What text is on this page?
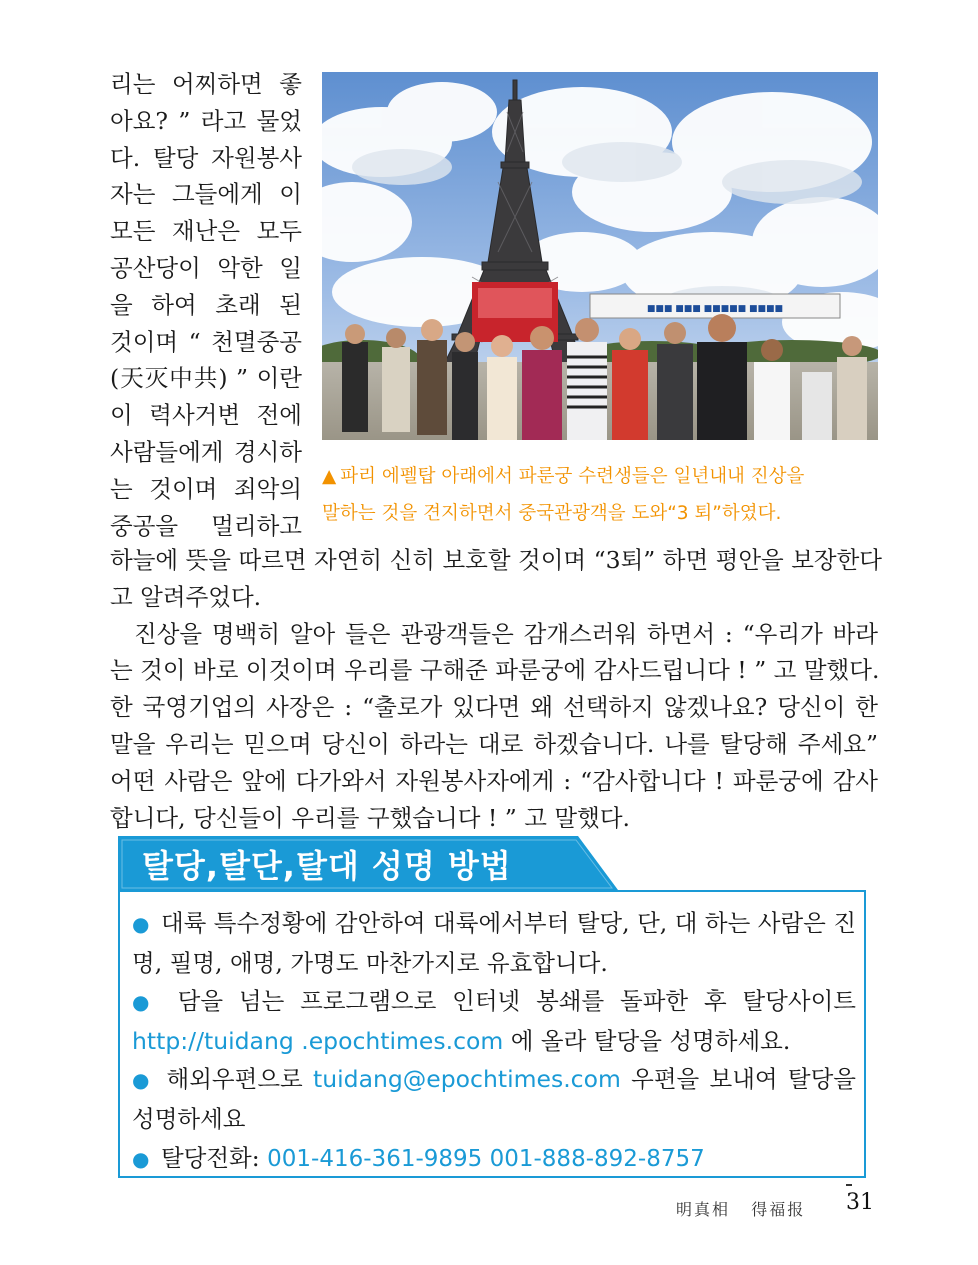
리는 어찌하면 좋
아요? ” 라고 물었
다. 탈당 자원봉사
자는 그들에게 이
모든 재난은 모두
공산당이 악한 일
을 하여 초래 된
것이며 “ 천멸중공
(天灭中共) ” 이란
이 력사거변 전에
사람들에게 경시하
는 것이며 죄악의
중공을 멀리하고
■■■ ■■■ ■■■■■ ■■■■
▲ 파리 에펠탑 아래에서 파룬궁 수련생들은 일년내내 진상을
말하는 것을 견지하면서 중국관광객을 도와“3 퇴”하였다.
하늘에 뜻을 따르면 자연히 신히 보호할 것이며 “3퇴” 하면 평안을 보장한다
고 알려주었다.
진상을 명백히 알아 들은 관광객들은 감개스러워 하면서 : “우리가 바라
는 것이 바로 이것이며 우리를 구해준 파룬궁에 감사드립니다 ! ” 고 말했다.
한 국영기업의 사장은 : “출로가 있다면 왜 선택하지 않겠나요? 당신이 한
말을 우리는 믿으며 당신이 하라는 대로 하겠습니다. 나를 탈당해 주세요”
어떤 사람은 앞에 다가와서 자원봉사자에게 : “감사합니다 ! 파룬궁에 감사
합니다, 당신들이 우리를 구했습니다 ! ” 고 말했다.
탈당,탈단,탈대 성명 방법
● 대륙 특수정황에 감안하여 대륙에서부터 탈당, 단, 대 하는 사람은 진
명, 필명, 애명, 가명도 마찬가지로 유효합니다.
● 담을 넘는 프로그램으로 인터넷 봉쇄를 돌파한 후 탈당사이트
http://tuidang .epochtimes.com 에 올라 탈당을 성명하세요.
● 해외우편으로 tuidang@epochtimes.com 우편을 보내여 탈당을
성명하세요
● 탈당전화: 001-416-361-9895 001-888-892-8757
明真相   得福报 31
